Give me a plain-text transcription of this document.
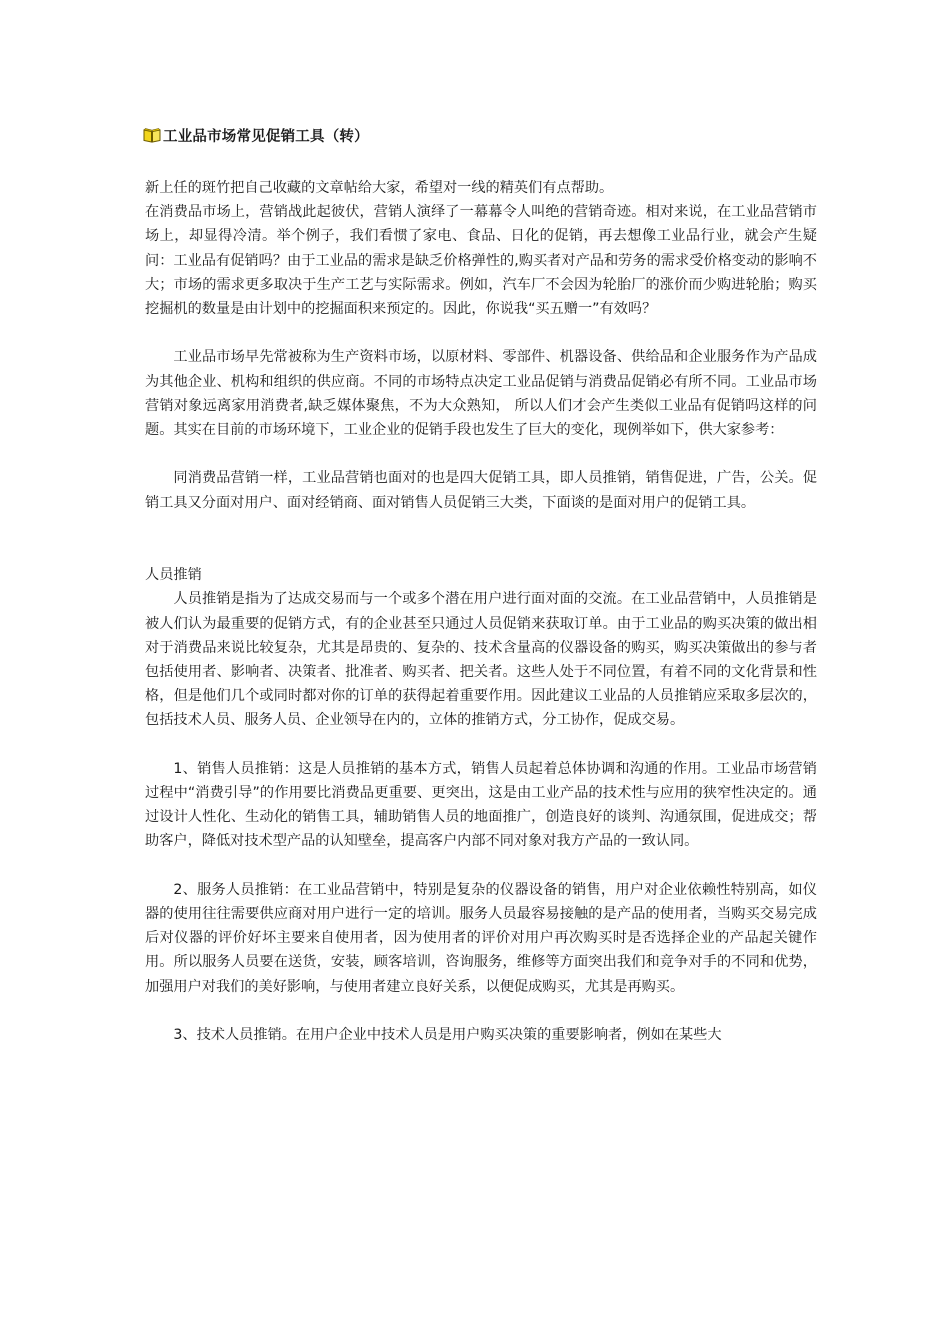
工业品市场常见促销工具（转）

新上任的斑竹把自己收藏的文章帖给大家，希望对一线的精英们有点帮助。

在消费品市场上，营销战此起彼伏，营销人演绎了一幕幕令人叫绝的营销奇迹。相对来说，在工业品营销市场上，却显得冷清。举个例子，我们看惯了家电、食品、日化的促销，再去想像工业品行业，就会产生疑问：工业品有促销吗？由于工业品的需求是缺乏价格弹性的,购买者对产品和劳务的需求受价格变动的影响不大；市场的需求更多取决于生产工艺与实际需求。例如，汽车厂不会因为轮胎厂的涨价而少购进轮胎；购买挖掘机的数量是由计划中的挖掘面积来预定的。因此，你说我“买五赠一”有效吗？

工业品市场早先常被称为生产资料市场，以原材料、零部件、机器设备、供给品和企业服务作为产品成为其他企业、机构和组织的供应商。不同的市场特点决定工业品促销与消费品促销必有所不同。工业品市场营销对象远离家用消费者,缺乏媒体聚焦，不为大众熟知， 所以人们才会产生类似工业品有促销吗这样的问题。其实在目前的市场环境下，工业企业的促销手段也发生了巨大的变化，现例举如下，供大家参考：

同消费品营销一样，工业品营销也面对的也是四大促销工具，即人员推销，销售促进，广告，公关。促销工具又分面对用户、面对经销商、面对销售人员促销三大类，下面谈的是面对用户的促销工具。

人员推销

人员推销是指为了达成交易而与一个或多个潜在用户进行面对面的交流。在工业品营销中，人员推销是被人们认为最重要的促销方式，有的企业甚至只通过人员促销来获取订单。由于工业品的购买决策的做出相对于消费品来说比较复杂，尤其是昂贵的、复杂的、技术含量高的仪器设备的购买，购买决策做出的参与者包括使用者、影响者、决策者、批准者、购买者、把关者。这些人处于不同位置，有着不同的文化背景和性格，但是他们几个或同时都对你的订单的获得起着重要作用。因此建议工业品的人员推销应采取多层次的，包括技术人员、服务人员、企业领导在内的，立体的推销方式，分工协作，促成交易。

1、销售人员推销：这是人员推销的基本方式，销售人员起着总体协调和沟通的作用。工业品市场营销过程中“消费引导”的作用要比消费品更重要、更突出，这是由工业产品的技术性与应用的狭窄性决定的。通过设计人性化、生动化的销售工具，辅助销售人员的地面推广，创造良好的谈判、沟通氛围，促进成交；帮助客户，降低对技术型产品的认知壁垒，提高客户内部不同对象对我方产品的一致认同。

2、服务人员推销：在工业品营销中，特别是复杂的仪器设备的销售，用户对企业依赖性特别高，如仪器的使用往往需要供应商对用户进行一定的培训。服务人员最容易接触的是产品的使用者，当购买交易完成后对仪器的评价好坏主要来自使用者，因为使用者的评价对用户再次购买时是否选择企业的产品起关键作用。所以服务人员要在送货，安装，顾客培训，咨询服务，维修等方面突出我们和竞争对手的不同和优势，加强用户对我们的美好影响，与使用者建立良好关系，以便促成购买，尤其是再购买。

3、技术人员推销。在用户企业中技术人员是用户购买决策的重要影响者，例如在某些大
